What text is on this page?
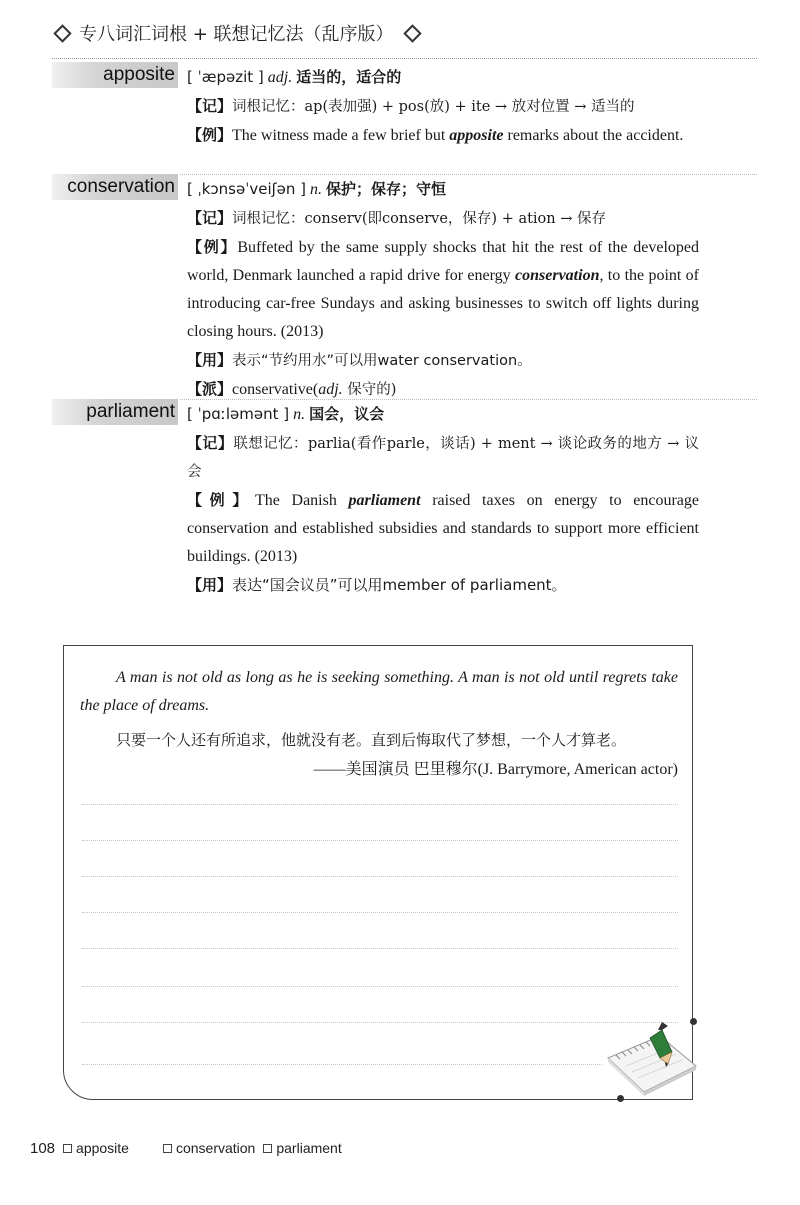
专八词汇词根 + 联想记忆法（乱序版）
apposite [ ˈæpəzit ] adj. 适当的，适合的

【记】词根记忆：ap(表加强) + pos(放) + ite → 放对位置 → 适当的

【例】The witness made a few brief but apposite remarks about the accident.

conservation [ ˌkɔnsəˈveiʃən ] n. 保护；保存；守恒

【记】词根记忆：conserv(即conserve，保存) + ation → 保存

【例】Buffeted by the same supply shocks that hit the rest of the developed world, Denmark launched a rapid drive for energy conservation, to the point of introducing car-free Sundays and asking businesses to switch off lights during closing hours. (2013)

【用】表示“节约用水”可以用water conservation。

【派】conservative(adj. 保守的)

parliament [ ˈpɑːləmənt ] n. 国会，议会

【记】联想记忆：parlia(看作parle，谈话) + ment → 谈论政务的地方 → 议会

【例】The Danish parliament raised taxes on energy to encourage conservation and established subsidies and standards to support more efficient buildings. (2013)

【用】表达“国会议员”可以用member of parliament。

A man is not old as long as he is seeking something. A man is not old until regrets take the place of dreams.
只要一个人还有所追求，他就没有老。直到后悔取代了梦想，一个人才算老。
——美国演员 巴里穆尔(J. Barrymore, American actor)
108 apposite	conservation parliament
